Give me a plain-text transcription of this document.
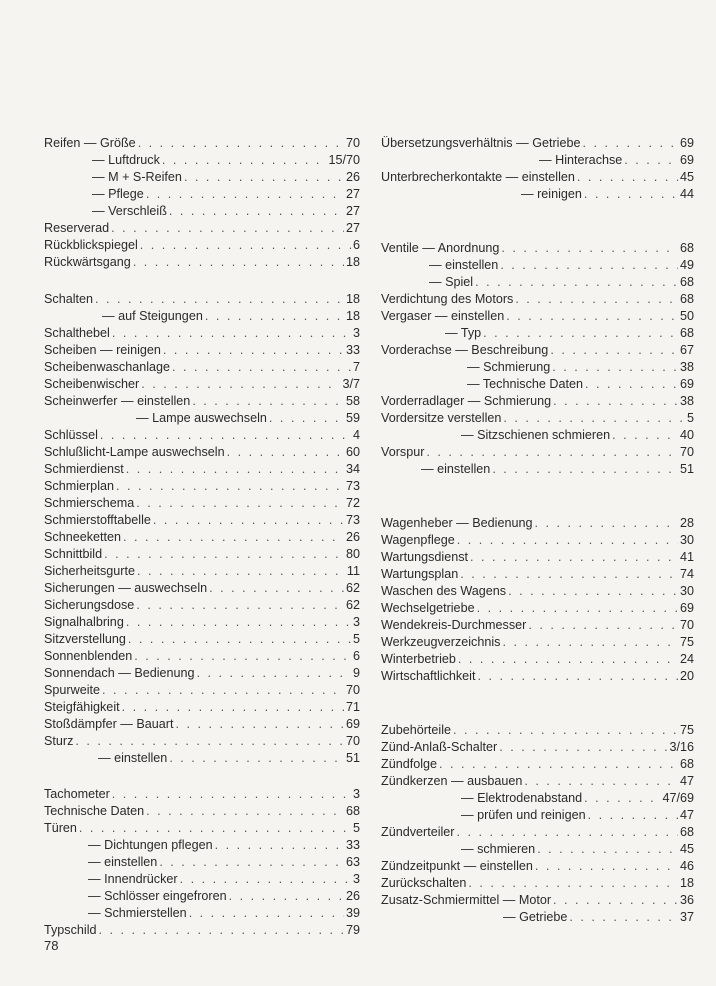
Reifen — Größe . . .	70
— Luftdruck . . .	15/70
— M + S-Reifen . . .	26
— Pflege . . .	27
— Verschleiß . . .	27
Reserverad . . .	27
Rückblickspiegel . . .	6
Rückwärtsgang . . .	18
Schalten . . .	18
— auf Steigungen . . .	18
Schalthebel . . .	3
Scheiben — reinigen . . .	33
Scheibenwaschanlage . . .	7
Scheibenwischer . . .	3/7
Scheinwerfer — einstellen . . .	58
— Lampe auswechseln . . .	59
Schlüssel . . .	4
Schlußlicht-Lampe auswechseln . . .	60
Schmierdienst . . .	34
Schmierplan . . .	73
Schmierschema . . .	72
Schmierstofftabelle . . .	73
Schneeketten . . .	26
Schnittbild . . .	80
Sicherheitsgurte . . .	11
Sicherungen — auswechseln . . .	62
Sicherungsdose . . .	62
Signalhalbring . . .	3
Sitzverstellung . . .	5
Sonnenblenden . . .	6
Sonnendach — Bedienung . . .	9
Spurweite . . .	70
Steigfähigkeit . . .	71
Stoßdämpfer — Bauart . . .	69
Sturz . . .	70
— einstellen . . .	51
Tachometer . . .	3
Technische Daten . . .	68
Türen . . .	5
— Dichtungen pflegen . . .	33
— einstellen . . .	63
— Innendrücker . . .	3
— Schlösser eingefroren . . .	26
— Schmierstellen . . .	39
Typschild . . .	79
Übersetzungsverhältnis — Getriebe . . .	69
— Hinterachse . . .	69
Unterbrecherkontakte — einstellen . . .	45
— reinigen . . .	44
Ventile — Anordnung . . .	68
— einstellen . . .	49
— Spiel . . .	68
Verdichtung des Motors . . .	68
Vergaser — einstellen . . .	50
— Typ . . .	68
Vorderachse — Beschreibung . . .	67
— Schmierung . . .	38
— Technische Daten . . .	69
Vorderradlager — Schmierung . . .	38
Vordersitze verstellen . . .	5
— Sitzschienen schmieren . . .	40
Vorspur . . .	70
— einstellen . . .	51
Wagenheber — Bedienung . . .	28
Wagenpflege . . .	30
Wartungsdienst . . .	41
Wartungsplan . . .	74
Waschen des Wagens . . .	30
Wechselgetriebe . . .	69
Wendekreis-Durchmesser . . .	70
Werkzeugverzeichnis . . .	75
Winterbetrieb . . .	24
Wirtschaftlichkeit . . .	20
Zubehörteile . . .	75
Zünd-Anlaß-Schalter . . .	3/16
Zündfolge . . .	68
Zündkerzen — ausbauen . . .	47
— Elektrodenabstand . . .	47/69
— prüfen und reinigen . . .	47
Zündverteiler . . .	68
— schmieren . . .	45
Zündzeitpunkt — einstellen . . .	46
Zurückschalten . . .	18
Zusatz-Schmiermittel — Motor . . .	36
— Getriebe . . .	37
78
